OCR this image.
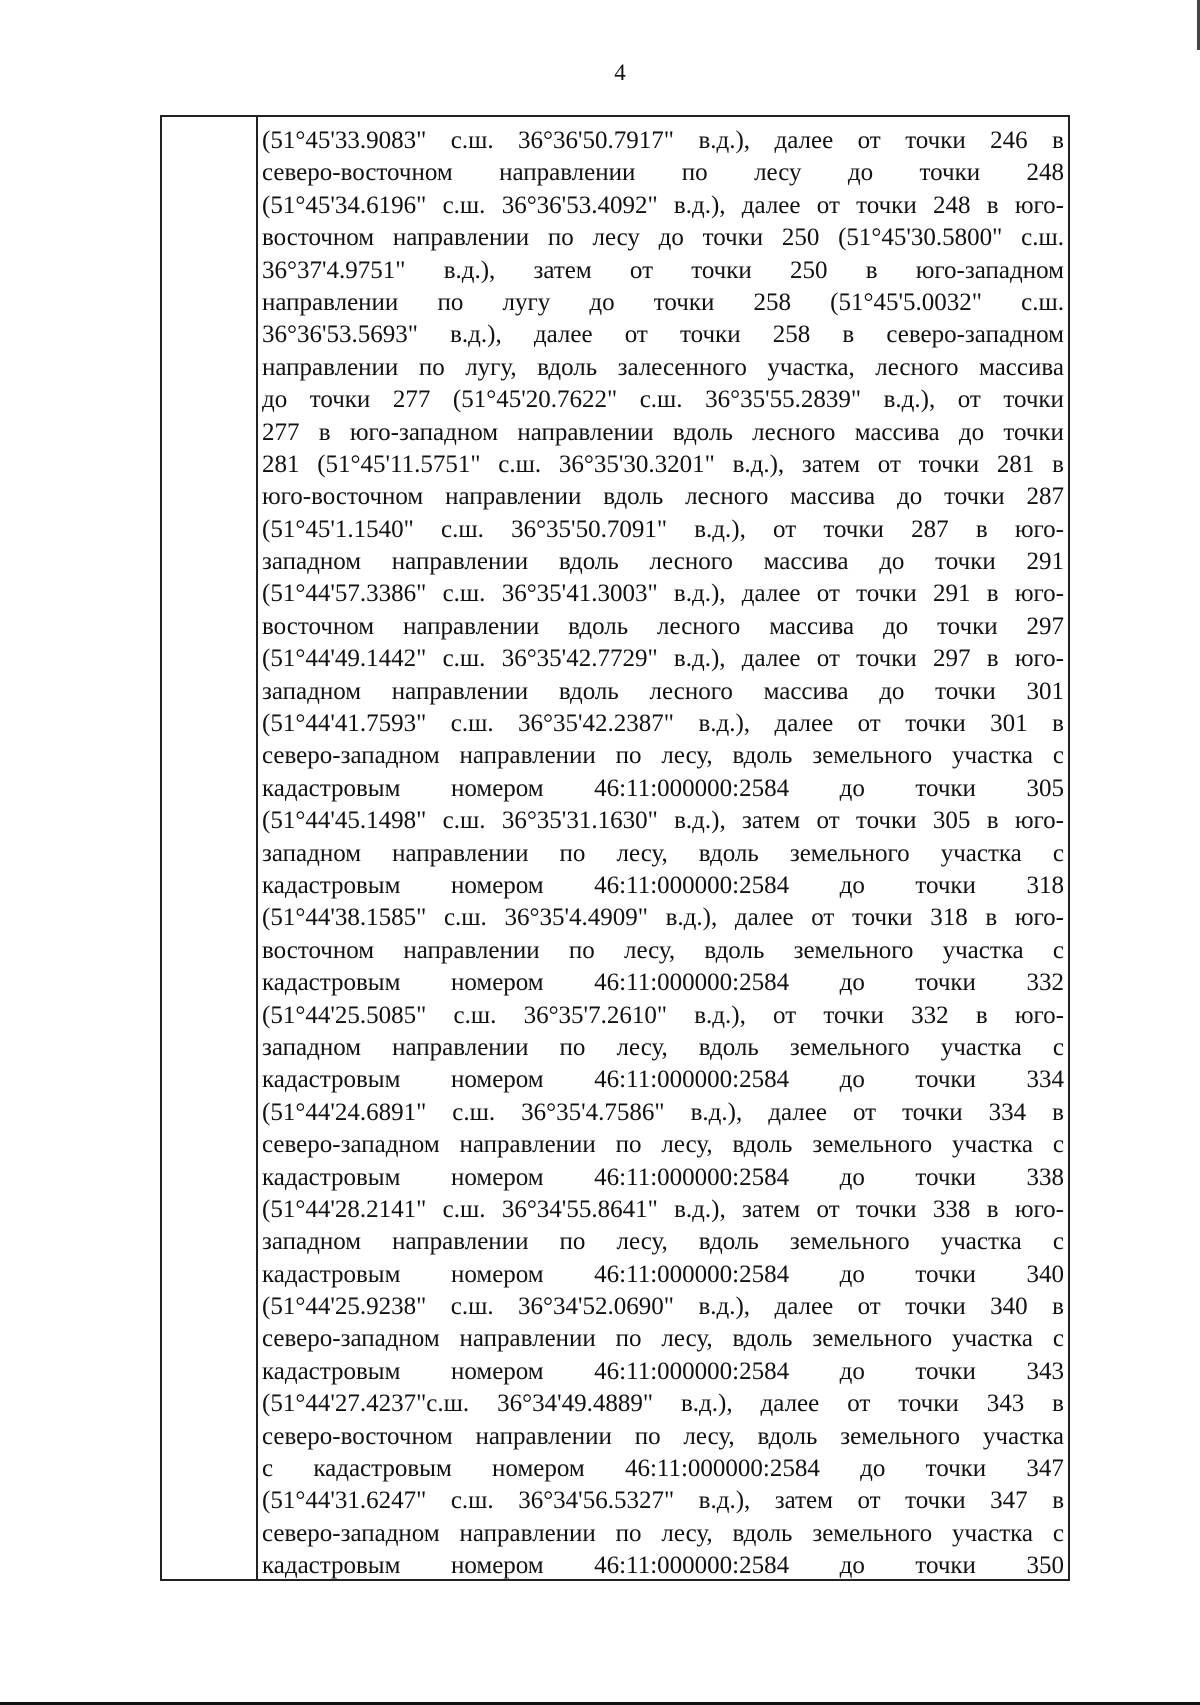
4
(51°45'33.9083" с.ш. 36°36'50.7917" в.д.), далее от точки 246 в
северо-восточном направлении по лесу до точки 248
(51°45'34.6196" с.ш. 36°36'53.4092" в.д.), далее от точки 248 в юго-
восточном направлении по лесу до точки 250 (51°45'30.5800" с.ш.
36°37'4.9751" в.д.), затем от точки 250 в юго-западном
направлении по лугу до точки 258 (51°45'5.0032" с.ш.
36°36'53.5693" в.д.), далее от точки 258 в северо-западном
направлении по лугу, вдоль залесенного участка, лесного массива
до точки 277 (51°45'20.7622" с.ш. 36°35'55.2839" в.д.), от точки
277 в юго-западном направлении вдоль лесного массива до точки
281 (51°45'11.5751" с.ш. 36°35'30.3201" в.д.), затем от точки 281 в
юго-восточном направлении вдоль лесного массива до точки 287
(51°45'1.1540" с.ш. 36°35'50.7091" в.д.), от точки 287 в юго-
западном направлении вдоль лесного массива до точки 291
(51°44'57.3386" с.ш. 36°35'41.3003" в.д.), далее от точки 291 в юго-
восточном направлении вдоль лесного массива до точки 297
(51°44'49.1442" с.ш. 36°35'42.7729" в.д.), далее от точки 297 в юго-
западном направлении вдоль лесного массива до точки 301
(51°44'41.7593" с.ш. 36°35'42.2387" в.д.), далее от точки 301 в
северо-западном направлении по лесу, вдоль земельного участка с
кадастровым номером 46:11:000000:2584 до точки 305
(51°44'45.1498" с.ш. 36°35'31.1630" в.д.), затем от точки 305 в юго-
западном направлении по лесу, вдоль земельного участка с
кадастровым номером 46:11:000000:2584 до точки 318
(51°44'38.1585" с.ш. 36°35'4.4909" в.д.), далее от точки 318 в юго-
восточном направлении по лесу, вдоль земельного участка с
кадастровым номером 46:11:000000:2584 до точки 332
(51°44'25.5085" с.ш. 36°35'7.2610" в.д.), от точки 332 в юго-
западном направлении по лесу, вдоль земельного участка с
кадастровым номером 46:11:000000:2584 до точки 334
(51°44'24.6891" с.ш. 36°35'4.7586" в.д.), далее от точки 334 в
северо-западном направлении по лесу, вдоль земельного участка с
кадастровым номером 46:11:000000:2584 до точки 338
(51°44'28.2141" с.ш. 36°34'55.8641" в.д.), затем от точки 338 в юго-
западном направлении по лесу, вдоль земельного участка с
кадастровым номером 46:11:000000:2584 до точки 340
(51°44'25.9238" с.ш. 36°34'52.0690" в.д.), далее от точки 340 в
северо-западном направлении по лесу, вдоль земельного участка с
кадастровым номером 46:11:000000:2584 до точки 343
(51°44'27.4237"с.ш. 36°34'49.4889" в.д.), далее от точки 343 в
северо-восточном направлении по лесу, вдоль земельного участка
с кадастровым номером 46:11:000000:2584 до точки 347
(51°44'31.6247" с.ш. 36°34'56.5327" в.д.), затем от точки 347 в
северо-западном направлении по лесу, вдоль земельного участка с
кадастровым номером 46:11:000000:2584 до точки 350
